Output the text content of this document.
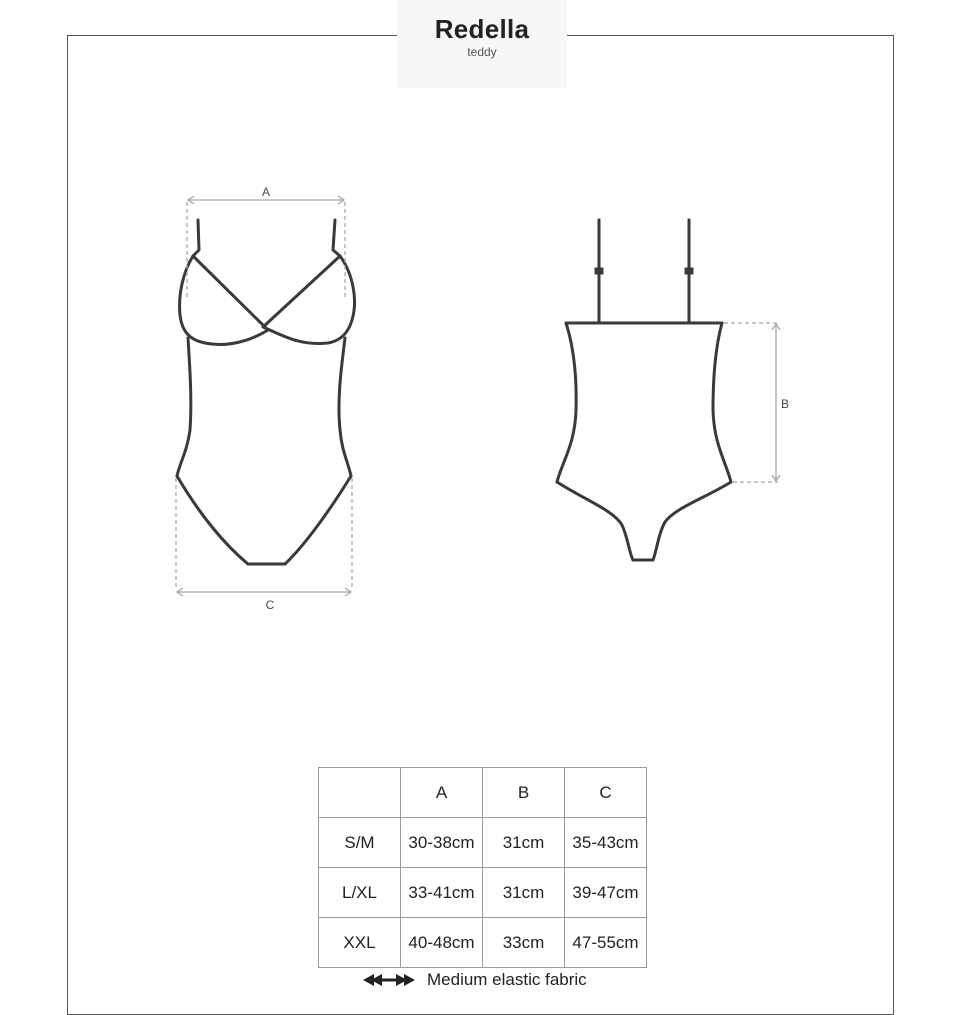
Redella
teddy
A
C
B
	A	B	C
S/M	30-38cm	31cm	35-43cm
L/XL	33-41cm	31cm	39-47cm
XXL	40-48cm	33cm	47-55cm
Medium elastic fabric
